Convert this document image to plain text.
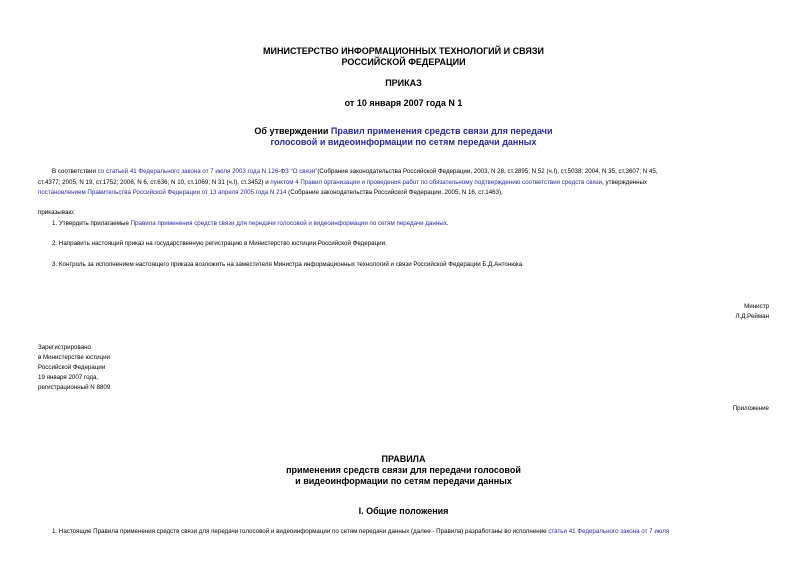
МИНИСТЕРСТВО ИНФОРМАЦИОННЫХ ТЕХНОЛОГИЙ И СВЯЗИ
РОССИЙСКОЙ ФЕДЕРАЦИИ
ПРИКАЗ
от 10 января 2007 года N 1
Об утверждении Правил применения средств связи для передачи
голосовой и видеоинформации по сетям передачи данных
В соответствии со статьей 41 Федерального закона от 7 июля 2003 года N 126-ФЗ "О связи"(Собрание законодательства Российской Федерации, 2003, N 28, ст.2895; N 52 (ч.I), ст.5038; 2004, N 35, ст.3607; N 45,
ст.4377; 2005, N 19, ст.1752; 2006, N 6, ст.636; N 10, ст.1069; N 31 (ч.I), ст.3452) и пунктом 4 Правил организации и проведения работ по обязательному подтверждению соответствия средств связи, утвержденных
постановлением Правительства Российской Федерации от 13 апреля 2005 года N 214 (Собрание законодательства Российской Федерации, 2005, N 16, ст.1463),
приказываю:
1. Утвердить прилагаемые Правила применения средств связи для передачи голосовой и видеоинформации по сетям передачи данных.
2. Направить настоящий приказ на государственную регистрацию в Министерство юстиции Российской Федерации.
3. Контроль за исполнением настоящего приказа возложить на заместителя Министра информационных технологий и связи Российской Федерации Б.Д.Антонюка.
Министр
Л.Д.Рейман
Зарегистрировано
в Министерстве юстиции
Российской Федерации
19 января 2007 года,
регистрационный N 8809
Приложение
ПРАВИЛА
применения средств связи для передачи голосовой
и видеоинформации по сетям передачи данных
I. Общие положения
1. Настоящие Правила применения средств связи для передачи голосовой и видеоинформации по сетям передачи данных (далее - Правила) разработаны во исполнение статьи 41 Федерального закона от 7 июля
